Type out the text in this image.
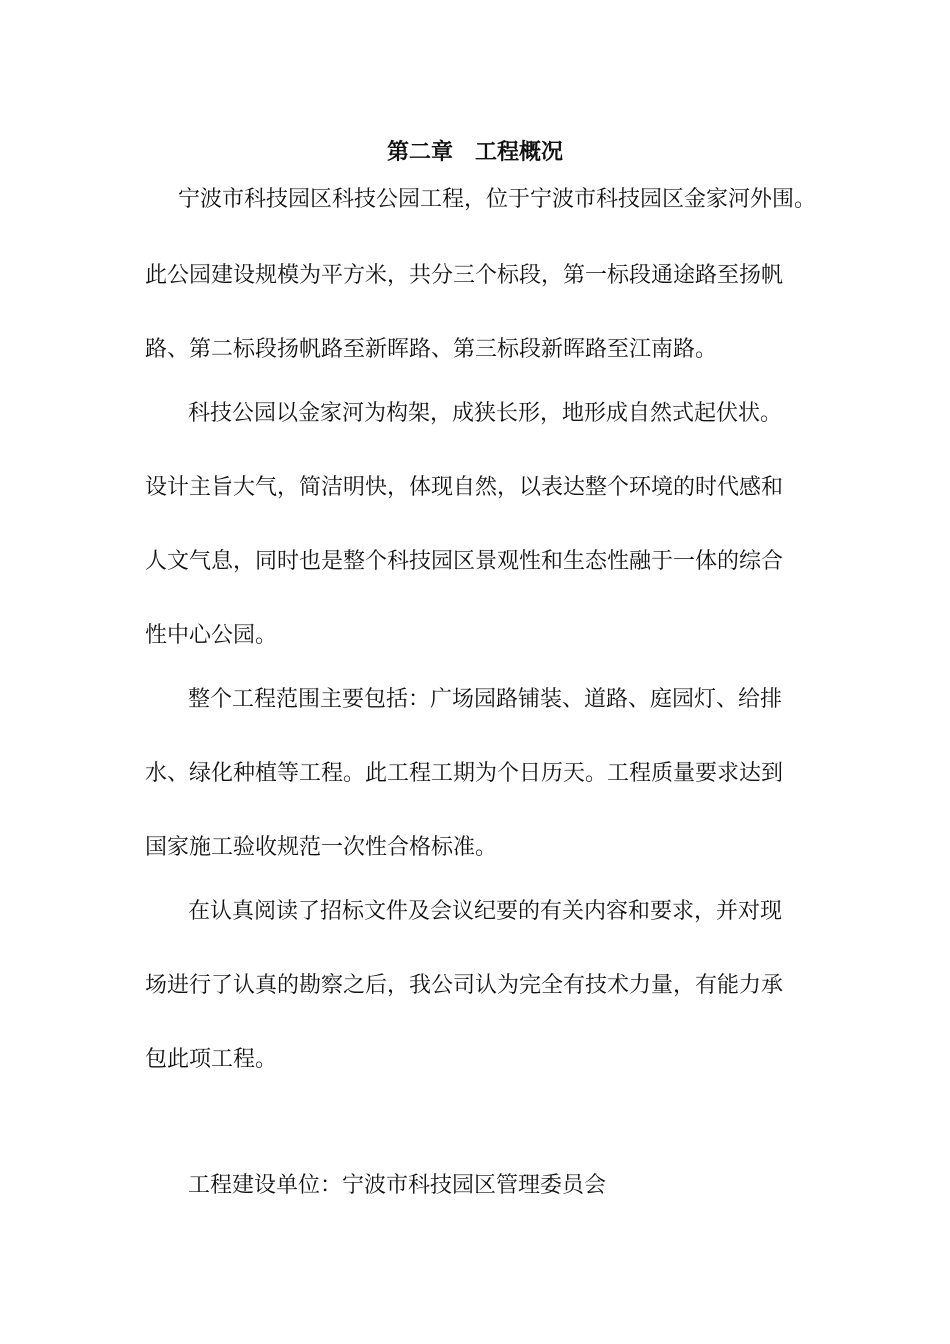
第二章　工程概况
宁波市科技园区科技公园工程，位于宁波市科技园区金家河外围。
此公园建设规模为平方米，共分三个标段，第一标段通途路至扬帆
路、第二标段扬帆路至新晖路、第三标段新晖路至江南路。
科技公园以金家河为构架，成狭长形，地形成自然式起伏状。
设计主旨大气，简洁明快，体现自然，以表达整个环境的时代感和
人文气息，同时也是整个科技园区景观性和生态性融于一体的综合
性中心公园。
整个工程范围主要包括：广场园路铺装、道路、庭园灯、给排
水、绿化种植等工程。此工程工期为个日历天。工程质量要求达到
国家施工验收规范一次性合格标准。
在认真阅读了招标文件及会议纪要的有关内容和要求，并对现
场进行了认真的勘察之后，我公司认为完全有技术力量，有能力承
包此项工程。
工程建设单位：宁波市科技园区管理委员会
